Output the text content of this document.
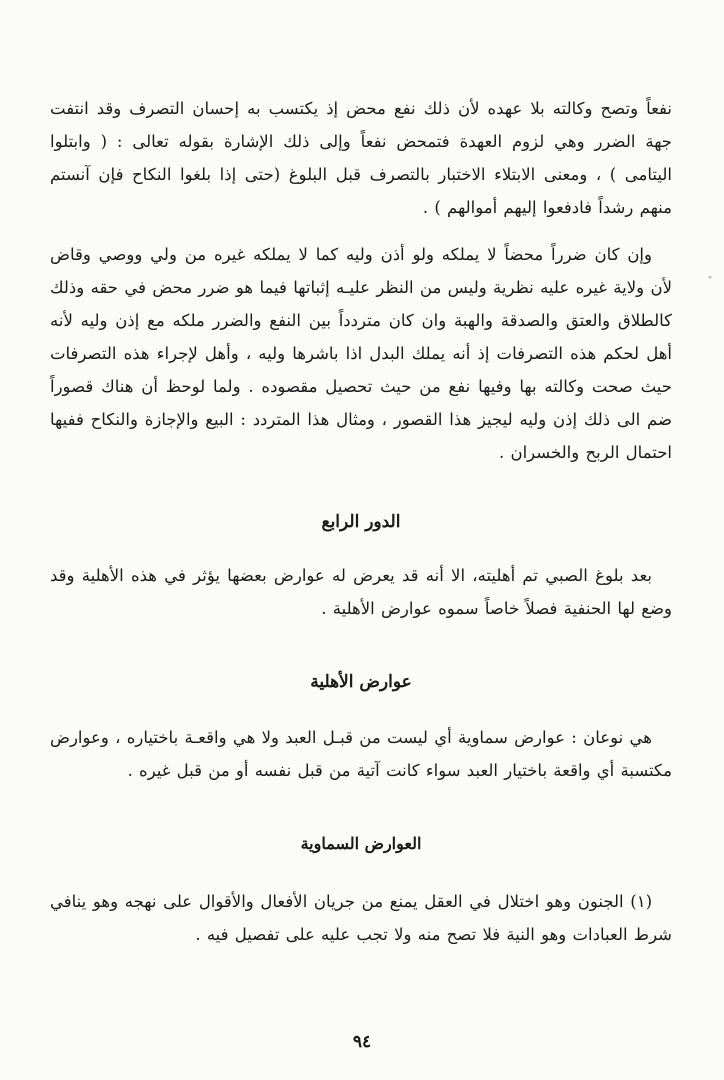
نفعاً وتصح وكالته بلا عهده لأن ذلك نفع محض إذ يكتسب به إحسان التصرف وقد انتفت جهة الضرر وهي لزوم العهدة فتمحض نفعاً وإلى ذلك الإشارة بقوله تعالى : ( وابتلوا اليتامى ) ، ومعنى الابتلاء الاختبار بالتصرف قبل البلوغ (حتى إذا بلغوا النكاح فإن آنستم منهم رشداً فادفعوا إليهم أموالهم ) .

وإن كان ضرراً محضاً لا يملكه ولو أذن وليه كما لا يملكه غيره من ولي ووصي وقاض لأن ولاية غيره عليه نظرية وليس من النظر عليـه إثباتها فيما هو ضرر محض في حقه وذلك كالطلاق والعتق والصدقة والهبة وان كان متردداً بين النفع والضرر ملكه مع إذن وليه لأنه أهل لحكم هذه التصرفات إذ أنه يملك البدل اذا باشرها وليه ، وأهل لإجراء هذه التصرفات حيث صحت وكالته بها وفيها نفع من حيث تحصيل مقصوده . ولما لوحظ أن هناك قصوراً ضم الى ذلك إذن وليه ليجيز هذا القصور ، ومثال هذا المتردد : البيع والإجازة والنكاح ففيها احتمال الربح والخسران .

الدور الرابع

بعد بلوغ الصبي تم أهليته، الا أنه قد يعرض له عوارض بعضها يؤثر في هذه الأهلية وقد وضع لها الحنفية فصلاً خاصاً سموه عوارض الأهلية .

عوارض الأهلية

هي نوعان : عوارض سماوية أي ليست من قبـل العبد ولا هي واقعـة باختياره ، وعوارض مكتسبة أي واقعة باختيار العبد سواء كانت آتية من قبل نفسه أو من قبل غيره .

العوارض السماوية

(١) الجنون وهو اختلال في العقل يمنع من جريان الأفعال والأقوال على نهجه وهو ينافي شرط العبادات وهو النية فلا تصح منه ولا تجب عليه على تفصيل فيه .

"
٩٤
